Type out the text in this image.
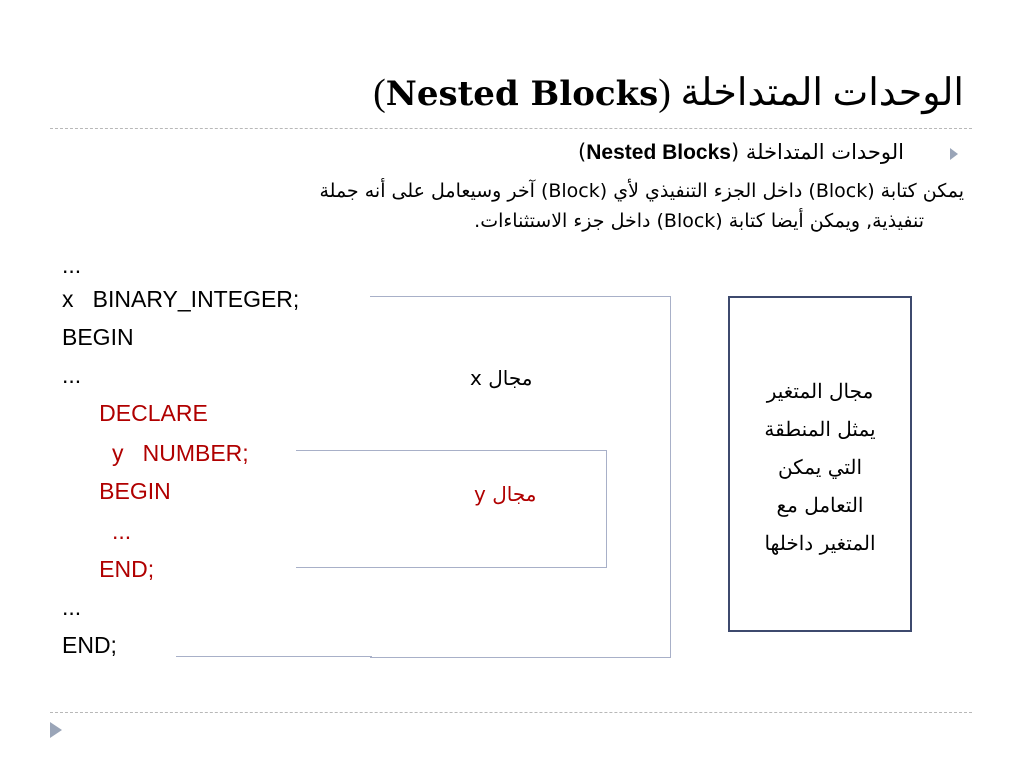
الوحدات المتداخلة (Nested Blocks)
الوحدات المتداخلة (Nested Blocks)
يمكن كتابة (Block) داخل الجزء التنفيذي لأي (Block) آخر وسيعامل على أنه جملة
تنفيذية, ويمكن أيضا كتابة (Block) داخل جزء الاستثناءات.
...
x   BINARY_INTEGER;
BEGIN
...
DECLARE
y   NUMBER;
BEGIN
...
END;
...
END;
مجال x
مجال y
مجال المتغير
يمثل المنطقة
التي يمكن
التعامل مع
المتغير داخلها
